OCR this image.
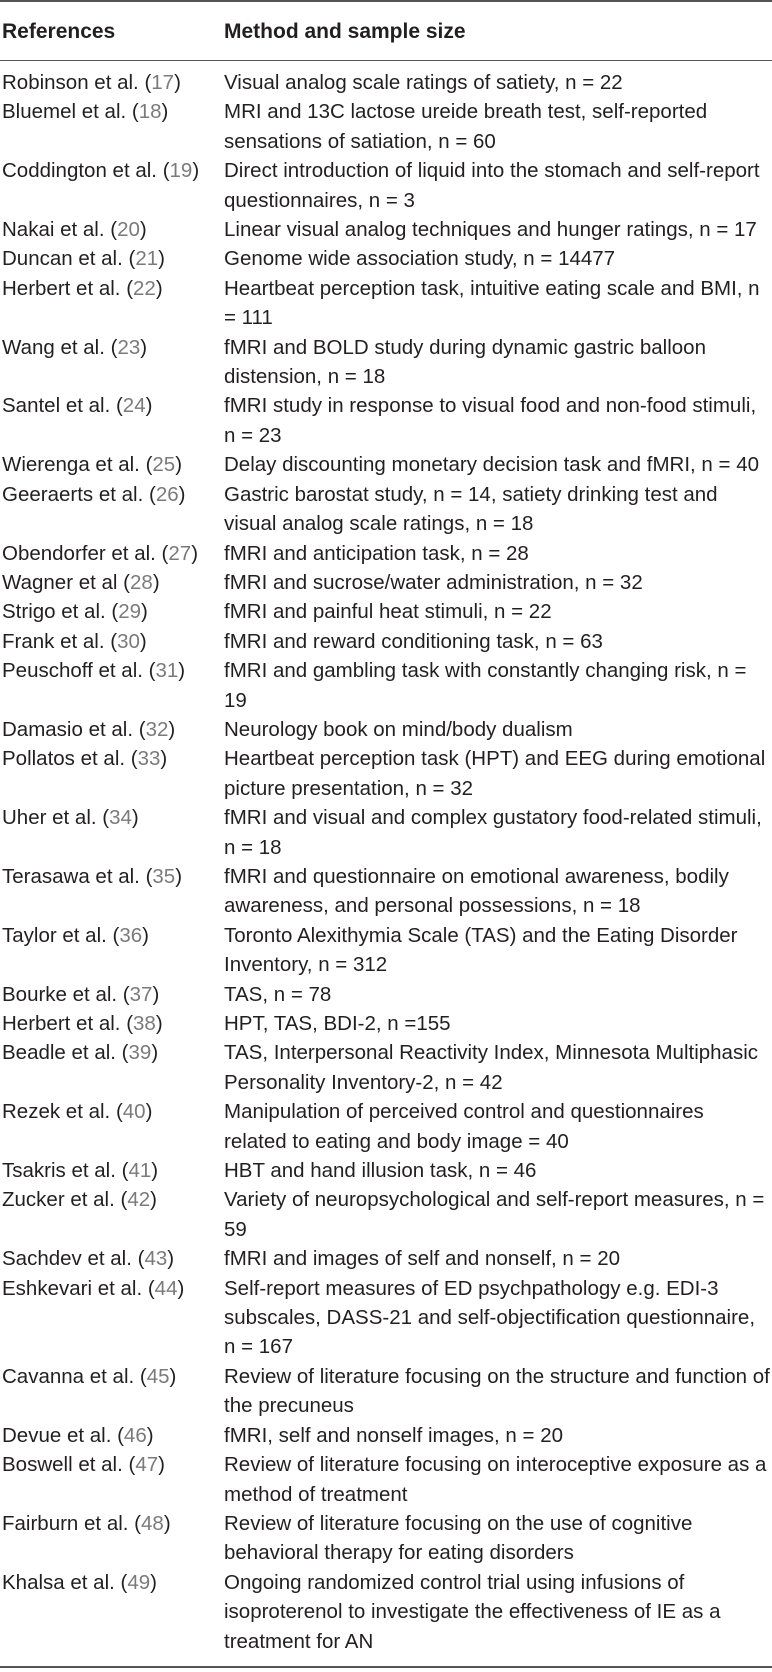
References	Method and sample size
Robinson et al. (17)	Visual analog scale ratings of satiety, n = 22
Bluemel et al. (18)	MRI and 13C lactose ureide breath test, self-reported sensations of satiation, n = 60
Coddington et al. (19)	Direct introduction of liquid into the stomach and self-report questionnaires, n = 3
Nakai et al. (20)	Linear visual analog techniques and hunger ratings, n = 17
Duncan et al. (21)	Genome wide association study, n = 14477
Herbert et al. (22)	Heartbeat perception task, intuitive eating scale and BMI, n = 111
Wang et al. (23)	fMRI and BOLD study during dynamic gastric balloon distension, n = 18
Santel et al. (24)	fMRI study in response to visual food and non-food stimuli, n = 23
Wierenga et al. (25)	Delay discounting monetary decision task and fMRI, n = 40
Geeraerts et al. (26)	Gastric barostat study, n = 14, satiety drinking test and visual analog scale ratings, n = 18
Obendorfer et al. (27)	fMRI and anticipation task, n = 28
Wagner et al (28)	fMRI and sucrose/water administration, n = 32
Strigo et al. (29)	fMRI and painful heat stimuli, n = 22
Frank et al. (30)	fMRI and reward conditioning task, n = 63
Peuschoff et al. (31)	fMRI and gambling task with constantly changing risk, n = 19
Damasio et al. (32)	Neurology book on mind/body dualism
Pollatos et al. (33)	Heartbeat perception task (HPT) and EEG during emotional picture presentation, n = 32
Uher et al. (34)	fMRI and visual and complex gustatory food-related stimuli, n = 18
Terasawa et al. (35)	fMRI and questionnaire on emotional awareness, bodily awareness, and personal possessions, n = 18
Taylor et al. (36)	Toronto Alexithymia Scale (TAS) and the Eating Disorder Inventory, n = 312
Bourke et al. (37)	TAS, n = 78
Herbert et al. (38)	HPT, TAS, BDI-2, n =155
Beadle et al. (39)	TAS, Interpersonal Reactivity Index, Minnesota Multiphasic Personality Inventory-2, n = 42
Rezek et al. (40)	Manipulation of perceived control and questionnaires related to eating and body image = 40
Tsakris et al. (41)	HBT and hand illusion task, n = 46
Zucker et al. (42)	Variety of neuropsychological and self-report measures, n = 59
Sachdev et al. (43)	fMRI and images of self and nonself, n = 20
Eshkevari et al. (44)	Self-report measures of ED psychpathology e.g. EDI-3 subscales, DASS-21 and self-objectification questionnaire, n = 167
Cavanna et al. (45)	Review of literature focusing on the structure and function of the precuneus
Devue et al. (46)	fMRI, self and nonself images, n = 20
Boswell et al. (47)	Review of literature focusing on interoceptive exposure as a method of treatment
Fairburn et al. (48)	Review of literature focusing on the use of cognitive behavioral therapy for eating disorders
Khalsa et al. (49)	Ongoing randomized control trial using infusions of isoproterenol to investigate the effectiveness of IE as a treatment for AN
